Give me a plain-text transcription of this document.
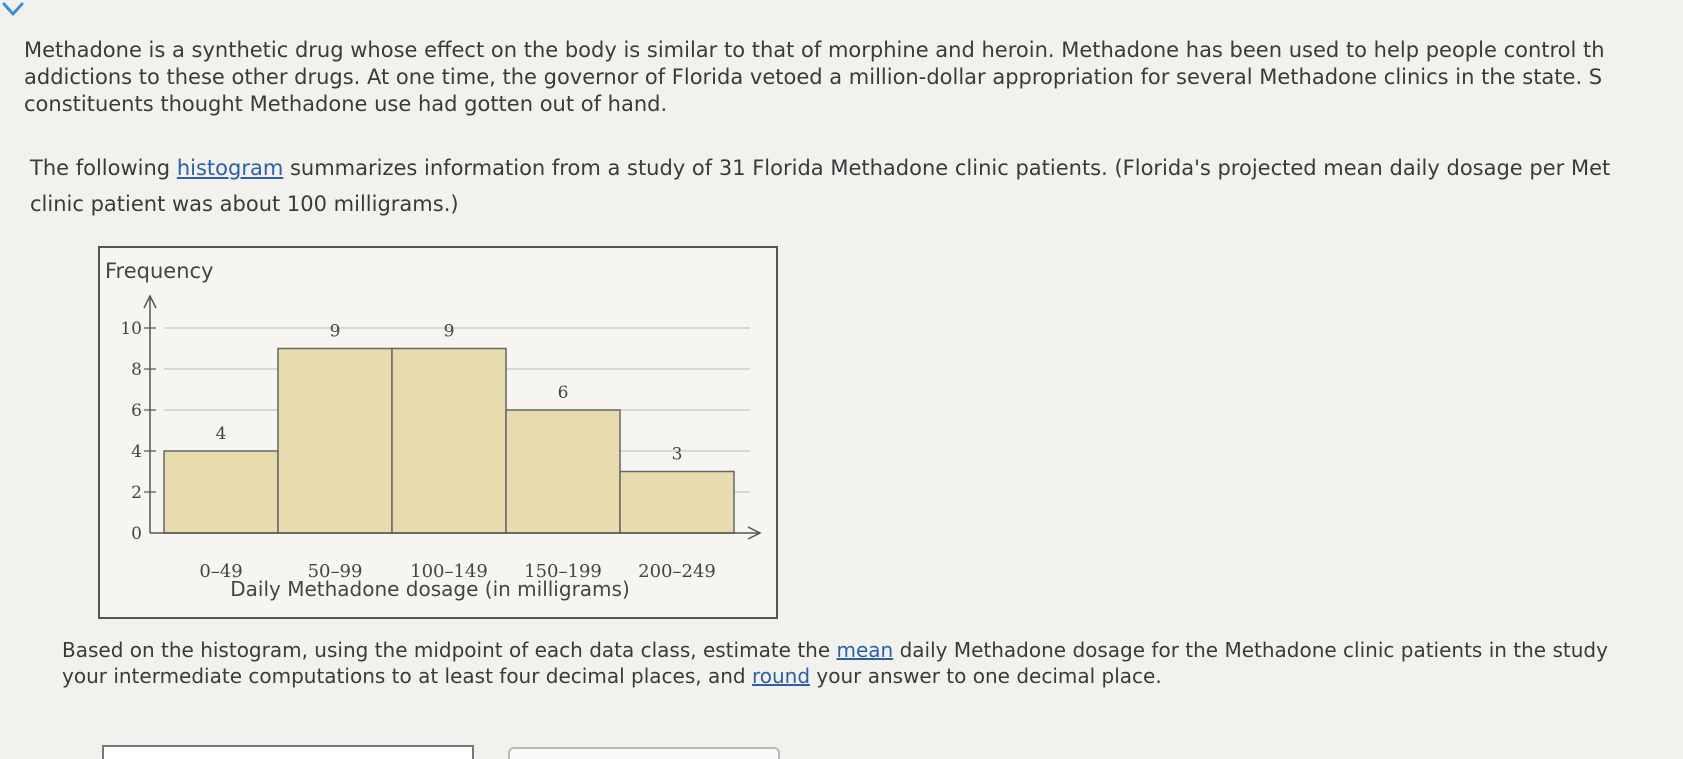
Methadone is a synthetic drug whose effect on the body is similar to that of morphine and heroin. Methadone has been used to help people control th
addictions to these other drugs. At one time, the governor of Florida vetoed a million-dollar appropriation for several Methadone clinics in the state. S
constituents thought Methadone use had gotten out of hand.
The following histogram summarizes information from a study of 31 Florida Methadone clinic patients. (Florida's projected mean daily dosage per Met
clinic patient was about 100 milligrams.)
0
2
4
6
8
10
4
9	9
6
3
0–49	50–99	100–149 150–199 200–249
Frequency
Daily Methadone dosage (in milligrams)
Based on the histogram, using the midpoint of each data class, estimate the mean daily Methadone dosage for the Methadone clinic patients in the study
your intermediate computations to at least four decimal places, and round your answer to one decimal place.
